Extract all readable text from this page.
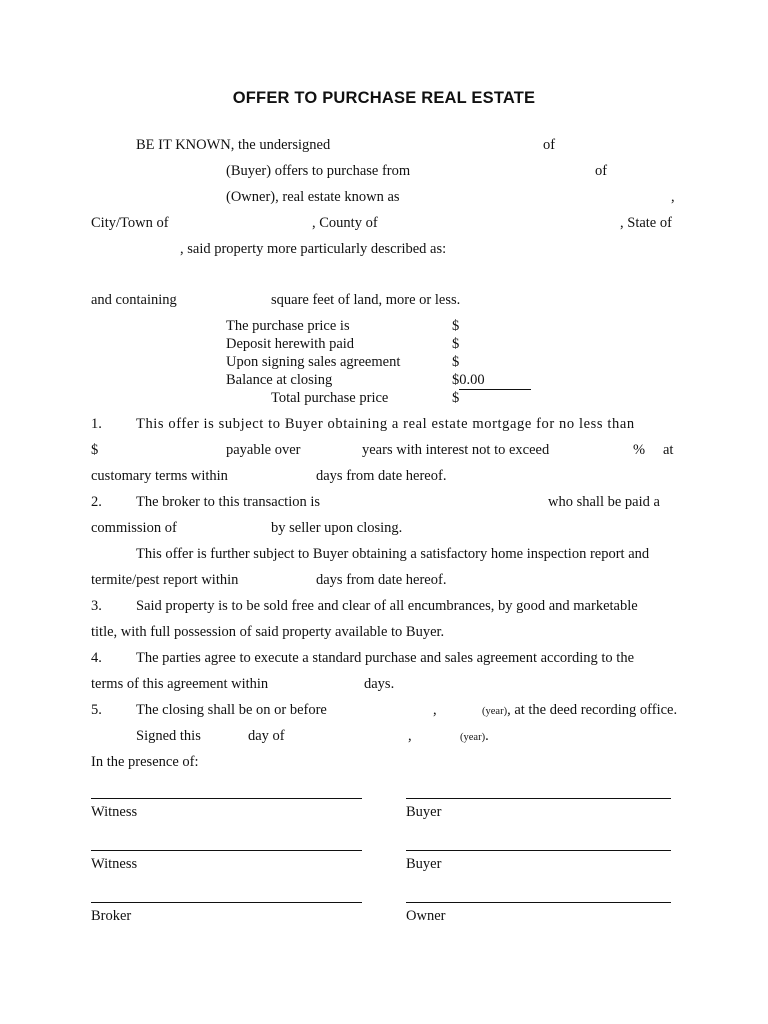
OFFER TO PURCHASE REAL ESTATE
BE IT KNOWN, the undersigned	of
(Buyer) offers to purchase from	of
(Owner), real estate known as	,
City/Town of	, County of	, State of
, said property more particularly described as:
and containing	square feet of land, more or less.
The purchase price is	$
Deposit herewith paid	$
Upon signing sales agreement	$
Balance at closing	$0.00
Total purchase price	$
1. This offer is subject to Buyer obtaining a real estate mortgage for no less than
$	payable over	years with interest not to exceed	% at
customary terms within	days from date hereof.
2. The broker to this transaction is	who shall be paid a
commission of	by seller upon closing.
This offer is further subject to Buyer obtaining a satisfactory home inspection report and
termite/pest report within	days from date hereof.
3. Said property is to be sold free and clear of all encumbrances, by good and marketable
title, with full possession of said property available to Buyer.
4. The parties agree to execute a standard purchase and sales agreement according to the
terms of this agreement within	days.
5. The closing shall be on or before	,	(year), at the deed recording office.
Signed this	day of	,	(year).
In the presence of:
Witness	Buyer
Witness	Buyer
Broker	Owner
